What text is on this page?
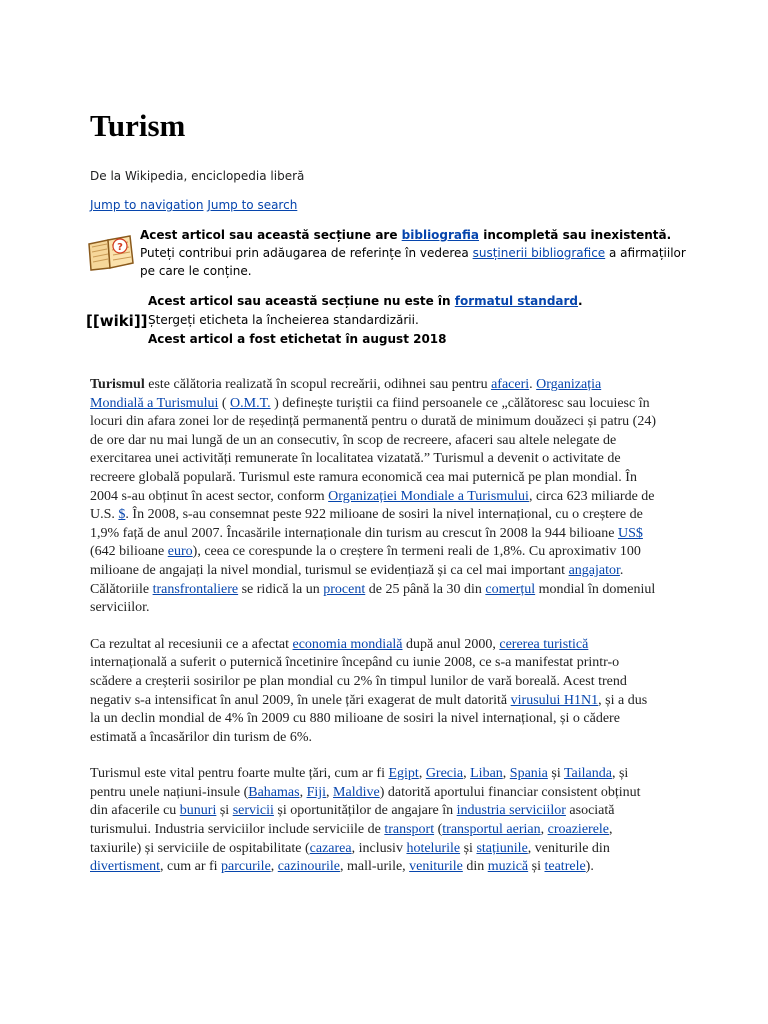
Turism
De la Wikipedia, enciclopedia liberă
Jump to navigation Jump to search
?
Acest articol sau această secțiune are bibliografia incompletă sau inexistentă.
Puteți contribui prin adăugarea de referințe în vederea susținerii bibliografice a afirmațiilor pe care le conține.
[[wiki]]
Acest articol sau această secțiune nu este în formatul standard.
Ștergeți eticheta la încheierea standardizării.
Acest articol a fost etichetat în august 2018

Turismul este călătoria realizată în scopul recreării, odihnei sau pentru afaceri. Organizația Mondială a Turismului ( O.M.T. ) definește turiștii ca fiind persoanele ce „călătoresc sau locuiesc în locuri din afara zonei lor de reședință permanentă pentru o durată de minimum douăzeci și patru (24) de ore dar nu mai lungă de un an consecutiv, în scop de recreere, afaceri sau altele nelegate de exercitarea unei activități remunerate în localitatea vizatată.” Turismul a devenit o activitate de recreere globală populară. Turismul este ramura economică cea mai puternică pe plan mondial. În 2004 s-au obținut în acest sector, conform Organizației Mondiale a Turismului, circa 623 miliarde de U.S. $. În 2008, s-au consemnat peste 922 milioane de sosiri la nivel internațional, cu o creștere de 1,9% față de anul 2007. Încasările internaționale din turism au crescut în 2008 la 944 bilioane US$ (642 bilioane euro), ceea ce corespunde la o creștere în termeni reali de 1,8%. Cu aproximativ 100 milioane de angajați la nivel mondial, turismul se evidențiază și ca cel mai important angajator. Călătoriile transfrontaliere se ridică la un procent de 25 până la 30 din comerțul mondial în domeniul serviciilor.

Ca rezultat al recesiunii ce a afectat economia mondială după anul 2000, cererea turistică internațională a suferit o puternică încetinire începând cu iunie 2008, ce s-a manifestat printr-o scădere a creșterii sosirilor pe plan mondial cu 2% în timpul lunilor de vară boreală. Acest trend negativ s-a intensificat în anul 2009, în unele țări exagerat de mult datorită virusului H1N1, și a dus la un declin mondial de 4% în 2009 cu 880 milioane de sosiri la nivel internațional, și o cădere estimată a încasărilor din turism de 6%.

Turismul este vital pentru foarte multe țări, cum ar fi Egipt, Grecia, Liban, Spania și Tailanda, și pentru unele națiuni-insule (Bahamas, Fiji, Maldive) datorită aportului financiar consistent obținut din afacerile cu bunuri și servicii și oportunităților de angajare în industria serviciilor asociată turismului. Industria serviciilor include serviciile de transport (transportul aerian, croazierele, taxiurile) și serviciile de ospitabilitate (cazarea, inclusiv hotelurile și stațiunile, veniturile din divertisment, cum ar fi parcurile, cazinourile, mall-urile, veniturile din muzică și teatrele).
